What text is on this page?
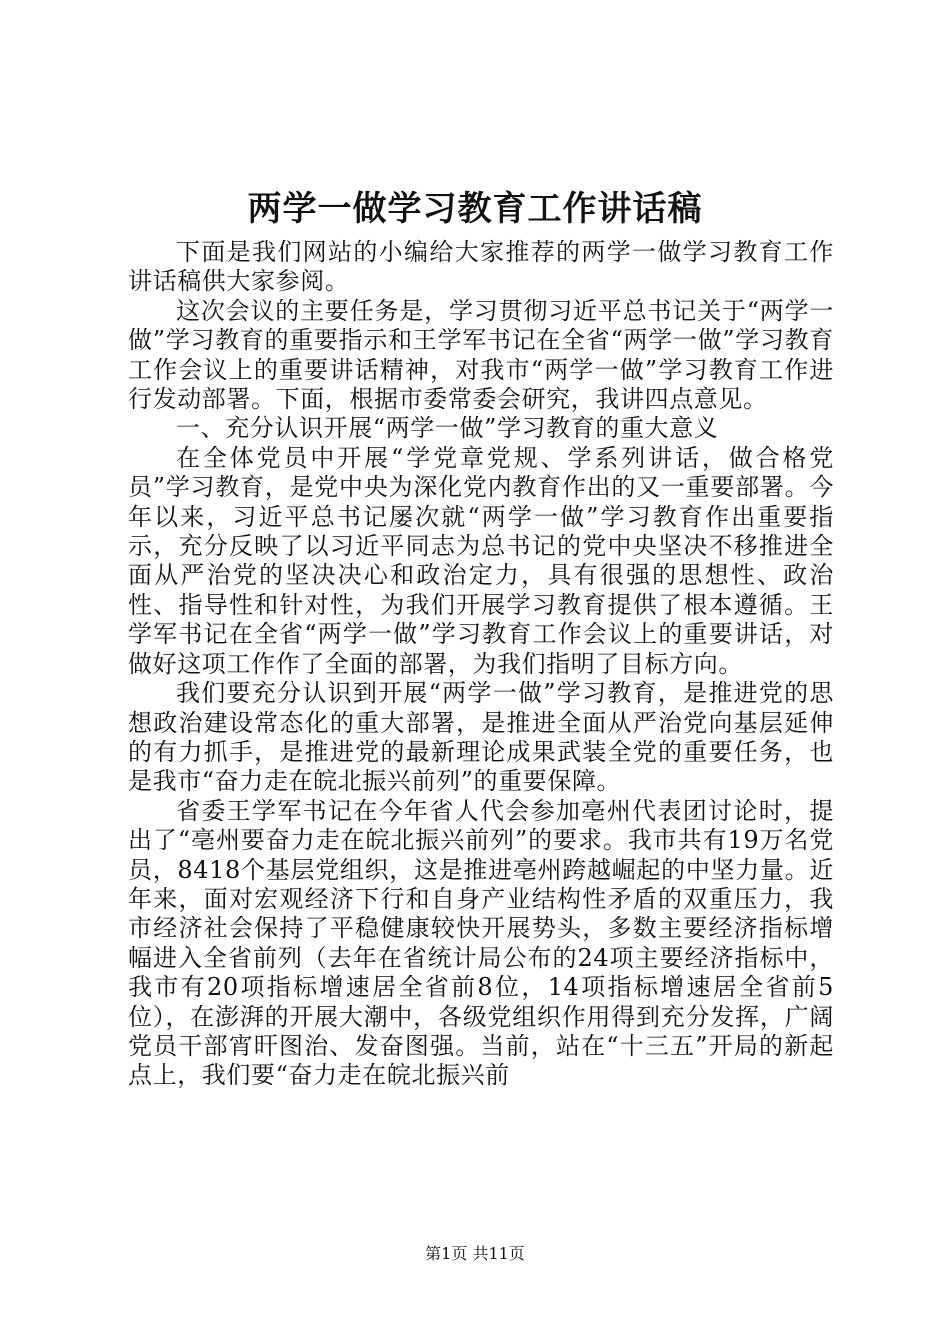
两学一做学习教育工作讲话稿

下面是我们网站的小编给大家推荐的两学一做学习教育工作讲话稿供大家参阅。

这次会议的主要任务是，学习贯彻习近平总书记关于“两学一做”学习教育的重要指示和王学军书记在全省“两学一做”学习教育工作会议上的重要讲话精神，对我市“两学一做”学习教育工作进行发动部署。下面，根据市委常委会研究，我讲四点意见。

一、充分认识开展“两学一做”学习教育的重大意义

在全体党员中开展“学党章党规、学系列讲话，做合格党员”学习教育，是党中央为深化党内教育作出的又一重要部署。今年以来，习近平总书记屡次就“两学一做”学习教育作出重要指示，充分反映了以习近平同志为总书记的党中央坚决不移推进全面从严治党的坚决决心和政治定力，具有很强的思想性、政治性、指导性和针对性，为我们开展学习教育提供了根本遵循。王学军书记在全省“两学一做”学习教育工作会议上的重要讲话，对做好这项工作作了全面的部署，为我们指明了目标方向。

我们要充分认识到开展“两学一做”学习教育，是推进党的思想政治建设常态化的重大部署，是推进全面从严治党向基层延伸的有力抓手，是推进党的最新理论成果武装全党的重要任务，也是我市“奋力走在皖北振兴前列”的重要保障。

省委王学军书记在今年省人代会参加亳州代表团讨论时，提出了“亳州要奋力走在皖北振兴前列”的要求。我市共有19万名党员，8418个基层党组织，这是推进亳州跨越崛起的中坚力量。近年来，面对宏观经济下行和自身产业结构性矛盾的双重压力，我市经济社会保持了平稳健康较快开展势头，多数主要经济指标增幅进入全省前列（去年在省统计局公布的24项主要经济指标中，我市有20项指标增速居全省前8位，14项指标增速居全省前5位），在澎湃的开展大潮中，各级党组织作用得到充分发挥，广阔党员干部宵旰图治、发奋图强。当前，站在“十三五”开局的新起点上，我们要“奋力走在皖北振兴前

第1页 共11页
